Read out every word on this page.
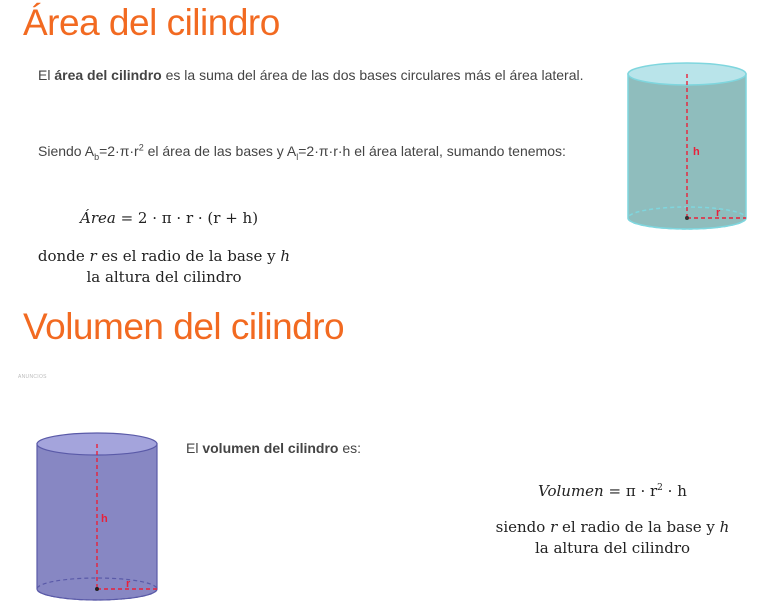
Área del cilindro
El área del cilindro es la suma del área de las dos bases circulares más el área lateral.
Siendo $A_b=2\cdot\pi\cdot r^2$ el área de las bases y $A_l=2\cdot\pi\cdot r\cdot h$ el área lateral, sumando tenemos:
Área = 2 · π · r · (r + h)
donde r es el radio de la base y h la altura del cilindro
h
r
Volumen del cilindro
ANUNCIOS
h
r
El volumen del cilindro es:
Volumen = $\pi \cdot r^2 \cdot h$
siendo r el radio de la base y h la altura del cilindro
